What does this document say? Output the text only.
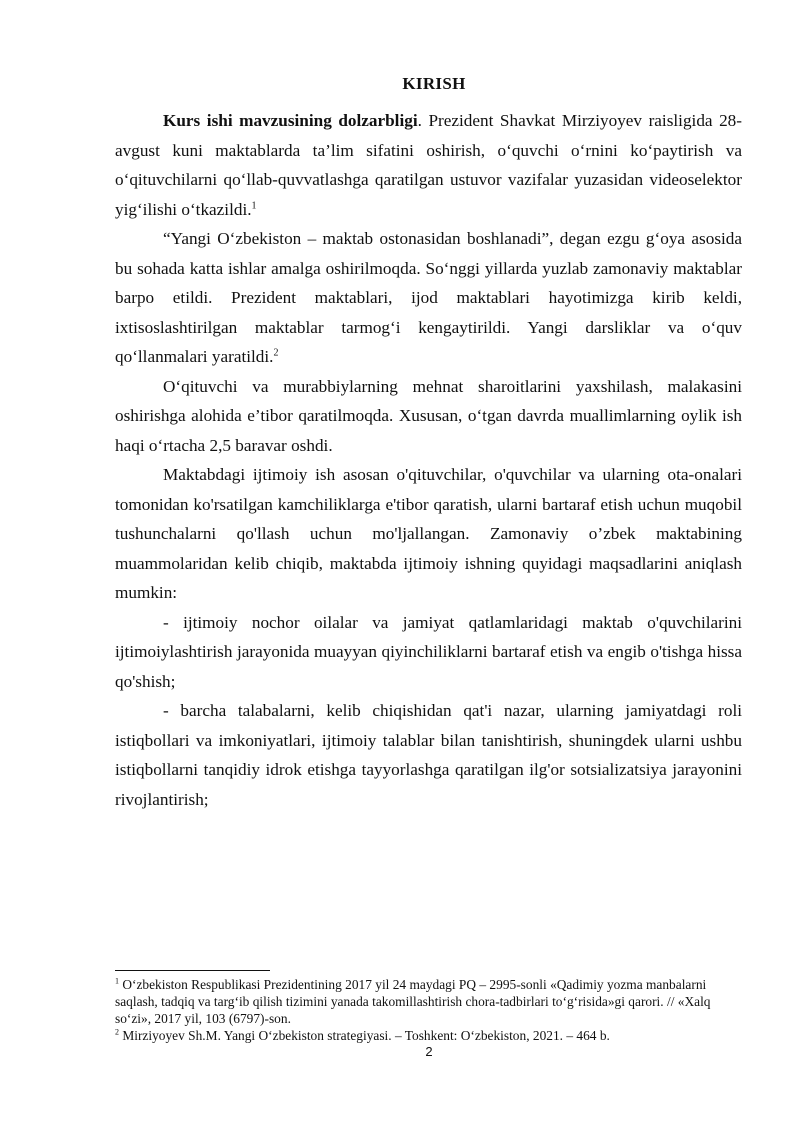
KIRISH

Kurs ishi mavzusining dolzarbligi. Prezident Shavkat Mirziyoyev raisligida 28-avgust kuni maktablarda ta’lim sifatini oshirish, o‘quvchi o‘rnini ko‘paytirish va o‘qituvchilarni qo‘llab-quvvatlashga qaratilgan ustuvor vazifalar yuzasidan videoselektor yig‘ilishi o‘tkazildi.$^1$

“Yangi O‘zbekiston – maktab ostonasidan boshlanadi”, degan ezgu g‘oya asosida bu sohada katta ishlar amalga oshirilmoqda. So‘nggi yillarda yuzlab zamonaviy maktablar barpo etildi. Prezident maktablari, ijod maktablari hayotimizga kirib keldi, ixtisoslashtirilgan maktablar tarmog‘i kengaytirildi. Yangi darsliklar va o‘quv qo‘llanmalari yaratildi.$^2$

O‘qituvchi va murabbiylarning mehnat sharoitlarini yaxshilash, malakasini oshirishga alohida e’tibor qaratilmoqda. Xususan, o‘tgan davrda muallimlarning oylik ish haqi o‘rtacha 2,5 baravar oshdi.

Maktabdagi ijtimoiy ish asosan o'qituvchilar, o'quvchilar va ularning ota-onalari tomonidan ko'rsatilgan kamchiliklarga e'tibor qaratish, ularni bartaraf etish uchun muqobil tushunchalarni qo'llash uchun mo'ljallangan. Zamonaviy o’zbek maktabining muammolaridan kelib chiqib, maktabda ijtimoiy ishning quyidagi maqsadlarini aniqlash mumkin:

- ijtimoiy nochor oilalar va jamiyat qatlamlaridagi maktab o'quvchilarini ijtimoiylashtirish jarayonida muayyan qiyinchiliklarni bartaraf etish va engib o'tishga hissa qo'shish;

- barcha talabalarni, kelib chiqishidan qat'i nazar, ularning jamiyatdagi roli istiqbollari va imkoniyatlari, ijtimoiy talablar bilan tanishtirish, shuningdek ularni ushbu istiqbollarni tanqidiy idrok etishga tayyorlashga qaratilgan ilg'or sotsializatsiya jarayonini rivojlantirish;

$^1$ O‘zbekiston Respublikasi Prezidentining 2017 yil 24 maydagi PQ – 2995-sonli «Qadimiy yozma manbalarni saqlash, tadqiq va targ‘ib qilish tizimini yanada takomillashtirish chora-tadbirlari to‘g‘risida»gi qarori. // «Xalq so‘zi», 2017 yil, 103 (6797)-son.

$^2$ Mirziyoyev Sh.M. Yangi O‘zbekiston strategiyasi. – Toshkent: O‘zbekiston, 2021. – 464 b.

2
